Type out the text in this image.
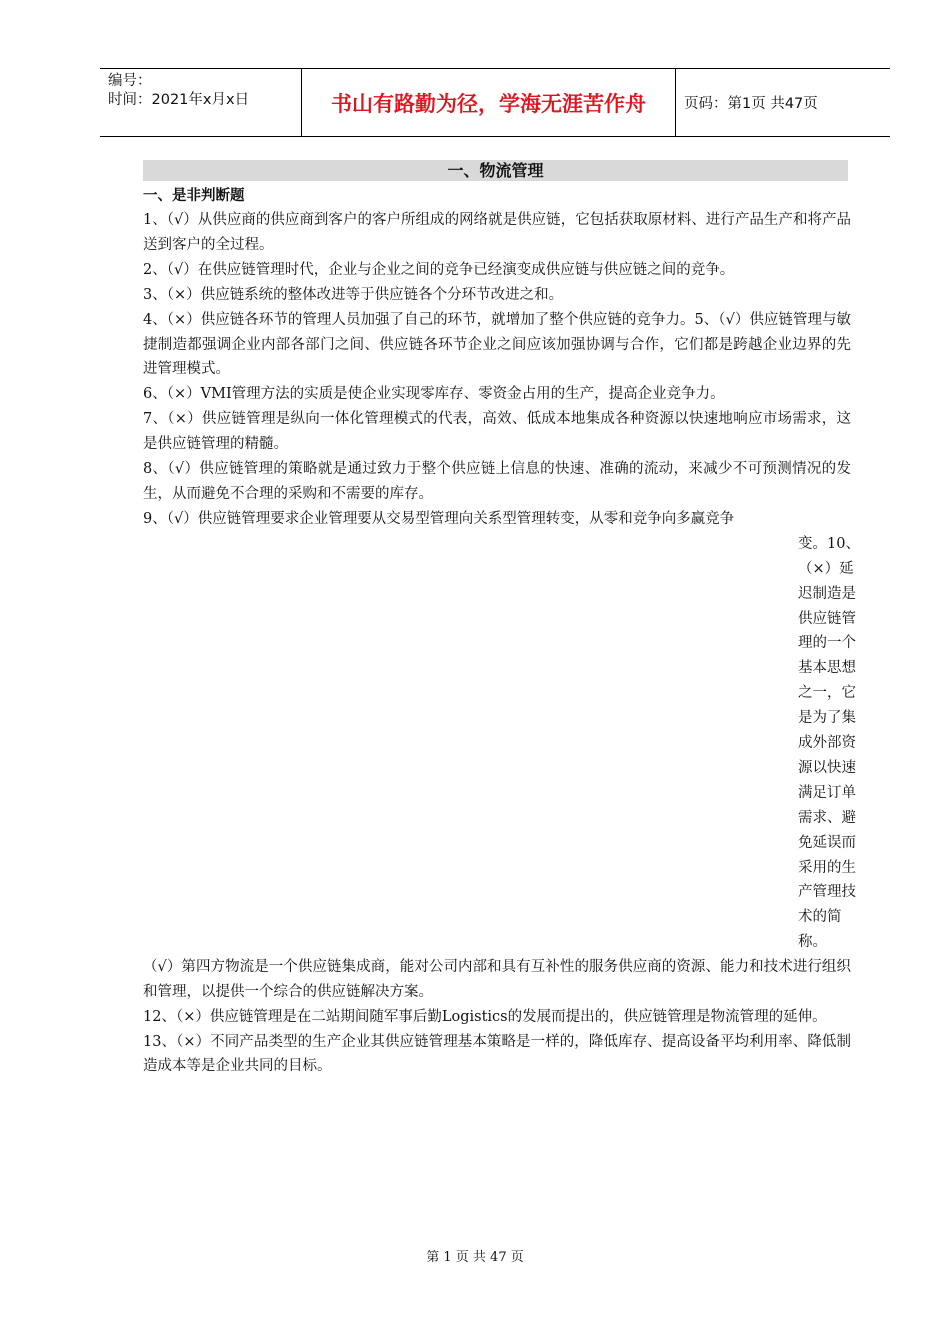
编号：
时间：2021年x月x日	书山有路勤为径，学海无涯苦作舟	页码：第1页 共47页
一、物流管理
一、是非判断题

1、（√）从供应商的供应商到客户的客户所组成的网络就是供应链，它包括获取原材料、进行产品生产和将产品送到客户的全过程。

2、（√）在供应链管理时代，企业与企业之间的竞争已经演变成供应链与供应链之间的竞争。

3、（×）供应链系统的整体改进等于供应链各个分环节改进之和。

4、（×）供应链各环节的管理人员加强了自己的环节，就增加了整个供应链的竞争力。5、（√）供应链管理与敏捷制造都强调企业内部各部门之间、供应链各环节企业之间应该加强协调与合作，它们都是跨越企业边界的先进管理模式。

6、（×）VMI管理方法的实质是使企业实现零库存、零资金占用的生产，提高企业竞争力。

7、（×）供应链管理是纵向一体化管理模式的代表，高效、低成本地集成各种资源以快速地响应市场需求，这是供应链管理的精髓。

8、（√）供应链管理的策略就是通过致力于整个供应链上信息的快速、准确的流动，来减少不可预测情况的发生，从而避免不合理的采购和不需要的库存。

9、（√）供应链管理要求企业管理要从交易型管理向关系型管理转变，从零和竞争向多赢竞争

变。10、（×）延迟制造是供应链管理的一个基本思想之一，它是为了集成外部资源以快速满足订单需求、避免延误而采用的生产管理技术的简称。

（√）第四方物流是一个供应链集成商，能对公司内部和具有互补性的服务供应商的资源、能力和技术进行组织和管理，以提供一个综合的供应链解决方案。

12、（×）供应链管理是在二站期间随军事后勤Logistics的发展而提出的，供应链管理是物流管理的延伸。

13、（×）不同产品类型的生产企业其供应链管理基本策略是一样的，降低库存、提高设备平均利用率、降低制造成本等是企业共同的目标。

第 1 页 共 47 页
